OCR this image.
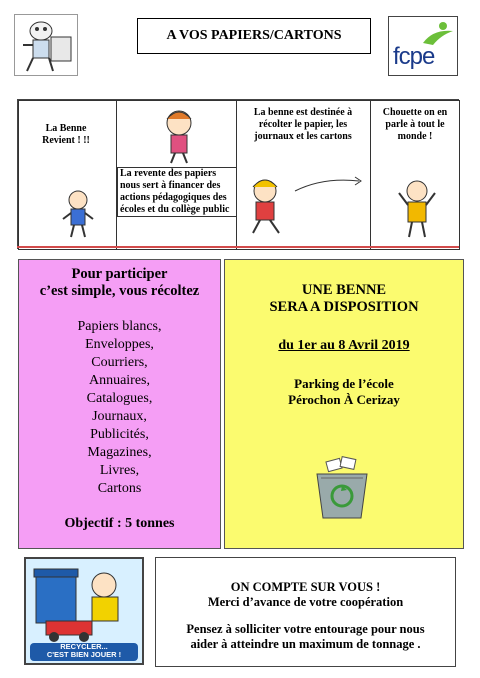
A VOS PAPIERS/CARTONS
fcpe
La Benne Revient ! !!
La revente des papiers nous sert à financer des actions pédagogiques des écoles et du collège public
La benne est destinée à récolter le papier, les journaux et les cartons
Chouette on en parle à tout le monde !
Pour participer
c’est simple, vous récoltez
Papiers blancs,
Enveloppes,
Courriers,
Annuaires,
Catalogues,
Journaux,
Publicités,
Magazines,
Livres,
Cartons
Objectif : 5 tonnes
UNE BENNE
SERA A DISPOSITION
du 1er au 8 Avril 2019
Parking de l’école
Pérochon À Cerizay
RECYCLER...
C'EST BIEN JOUER !
ON COMPTE SUR VOUS !
Merci d’avance de votre coopération
Pensez à solliciter votre entourage pour nous
aider à atteindre un maximum de tonnage .
